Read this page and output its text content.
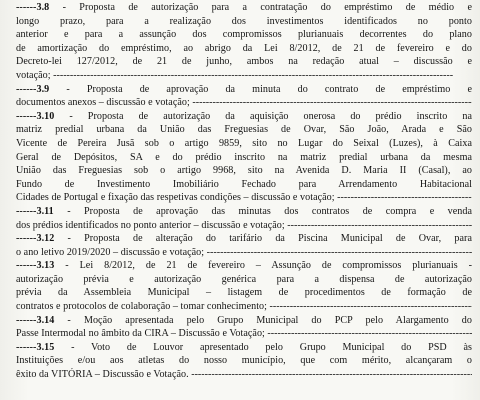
------3.8 - Proposta de autorização para a contratação do empréstimo de médio e
longo prazo, para a realização dos investimentos identificados no ponto
anterior e para a assunção dos compromissos plurianuais decorrentes do plano
de amortização do empréstimo, ao abrigo da Lei 8/2012, de 21 de fevereiro e do
Decreto-lei 127/2012, de 21 de junho, ambos na redação atual – discussão e
votação; -----
------3.9 - Proposta de aprovação da minuta do contrato de empréstimo e
documentos anexos – discussão e votação; -----
------3.10 - Proposta de autorização da aquisição onerosa do prédio inscrito na
matriz predial urbana da União das Freguesias de Ovar, São João, Arada e São
Vicente de Pereira Jusã sob o artigo 9859, sito no Lugar do Seixal (Luzes), à Caixa
Geral de Depósitos, SA e do prédio inscrito na matriz predial urbana da mesma
União das Freguesias sob o artigo 9968, sito na Avenida D. Maria II (Casal), ao
Fundo de Investimento Imobiliário Fechado para Arrendamento Habitacional
Cidades de Portugal e fixação das respetivas condições – discussão e votação; -----
------3.11 - Proposta de aprovação das minutas dos contratos de compra e venda
dos prédios identificados no ponto anterior – discussão e votação; -----
------3.12 - Proposta de alteração do tarifário da Piscina Municipal de Ovar, para
o ano letivo 2019/2020 – discussão e votação; -----
------3.13 - Lei 8/2012, de 21 de fevereiro – Assunção de compromissos plurianuais -
autorização prévia e autorização genérica para a dispensa de autorização
prévia da Assembleia Municipal – listagem de procedimentos de formação de
contratos e protocolos de colaboração – tomar conhecimento; -----
------3.14 - Moção apresentada pelo Grupo Municipal do PCP pelo Alargamento do
Passe Intermodal no âmbito da CIRA – Discussão e Votação; -----
------3.15 - Voto de Louvor apresentado pelo Grupo Municipal do PSD às
Instituições e/ou aos atletas do nosso município, que com mérito, alcançaram o
êxito da VITÓRIA – Discussão e Votação. -----
